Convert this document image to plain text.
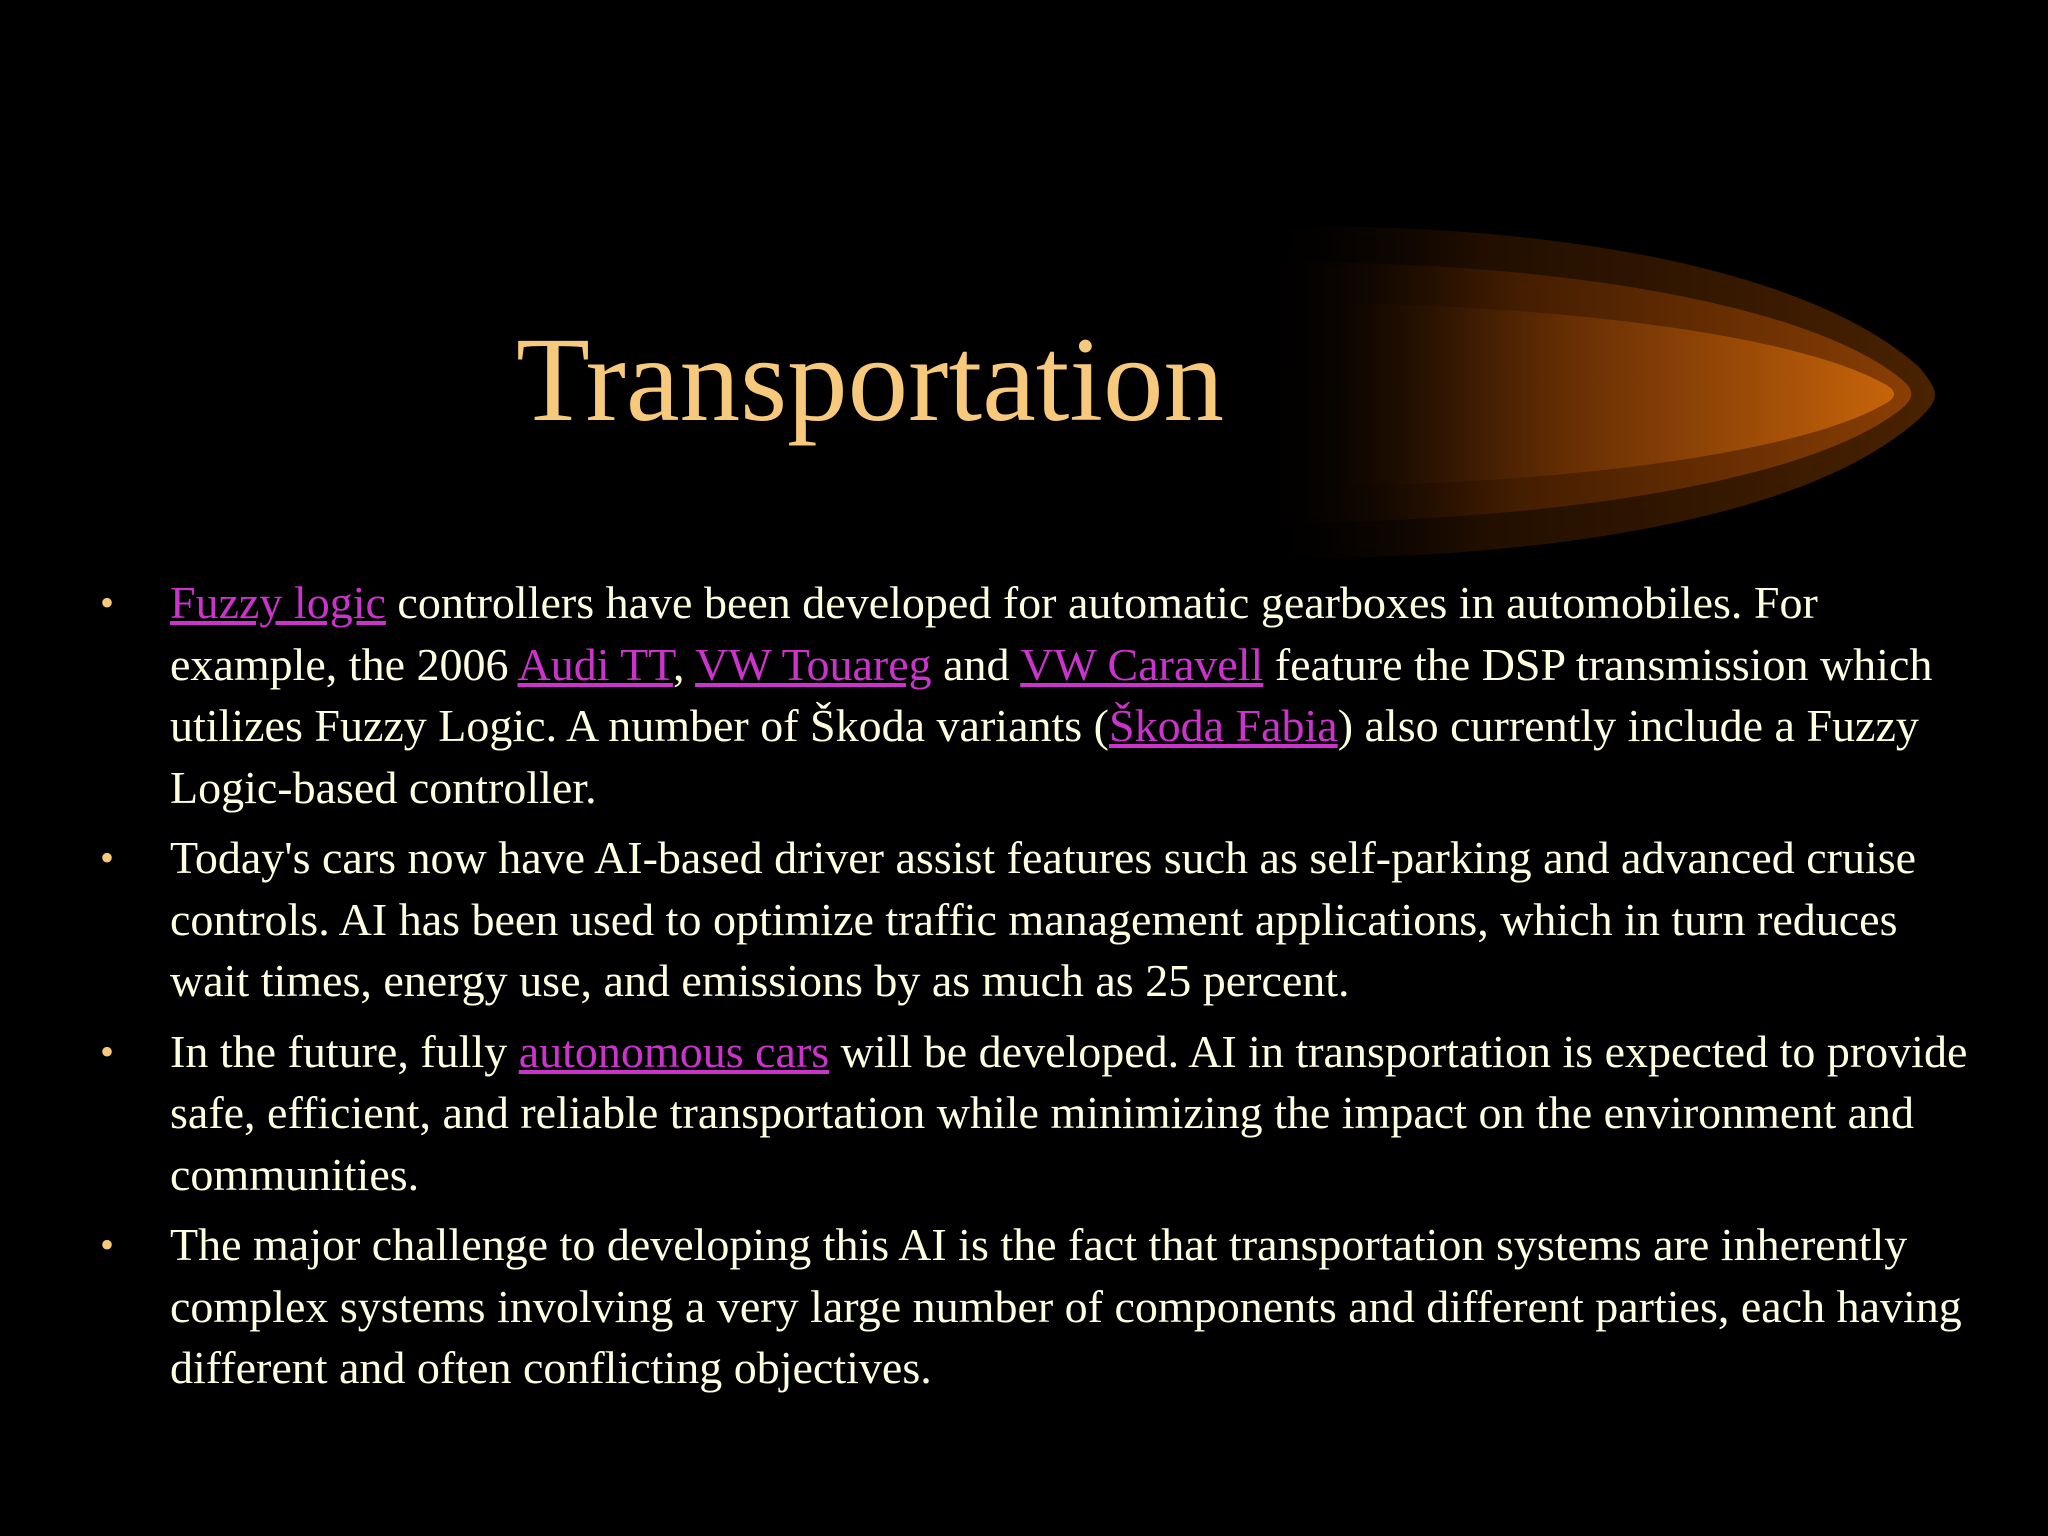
Transportation
•	Fuzzy logic controllers have been developed for automatic gearboxes in automobiles. For example, the 2006 Audi TT, VW Touareg and VW Caravell feature the DSP transmission which utilizes Fuzzy Logic. A number of Škoda variants (Škoda Fabia) also currently include a Fuzzy Logic-based controller.
•	Today's cars now have AI-based driver assist features such as self-parking and advanced cruise controls. AI has been used to optimize traffic management applications, which in turn reduces wait times, energy use, and emissions by as much as 25 percent.
•	In the future, fully autonomous cars will be developed. AI in transportation is expected to provide safe, efficient, and reliable transportation while minimizing the impact on the environment and communities.
•	The major challenge to developing this AI is the fact that transportation systems are inherently complex systems involving a very large number of components and different parties, each having different and often conflicting objectives.
